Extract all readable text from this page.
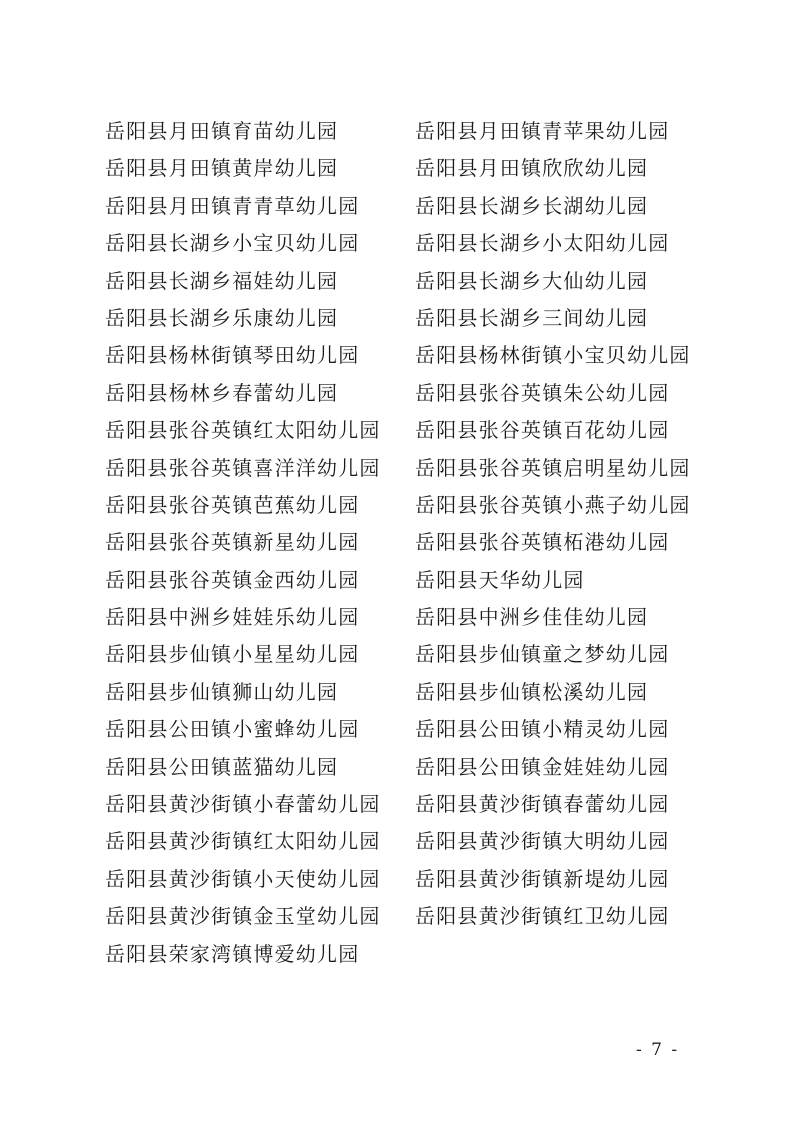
岳阳县月田镇育苗幼儿园
岳阳县月田镇黄岸幼儿园
岳阳县月田镇青青草幼儿园
岳阳县长湖乡小宝贝幼儿园
岳阳县长湖乡福娃幼儿园
岳阳县长湖乡乐康幼儿园
岳阳县杨林街镇琴田幼儿园
岳阳县杨林乡春蕾幼儿园
岳阳县张谷英镇红太阳幼儿园
岳阳县张谷英镇喜洋洋幼儿园
岳阳县张谷英镇芭蕉幼儿园
岳阳县张谷英镇新星幼儿园
岳阳县张谷英镇金西幼儿园
岳阳县中洲乡娃娃乐幼儿园
岳阳县步仙镇小星星幼儿园
岳阳县步仙镇狮山幼儿园
岳阳县公田镇小蜜蜂幼儿园
岳阳县公田镇蓝猫幼儿园
岳阳县黄沙街镇小春蕾幼儿园
岳阳县黄沙街镇红太阳幼儿园
岳阳县黄沙街镇小天使幼儿园
岳阳县黄沙街镇金玉堂幼儿园
岳阳县荣家湾镇博爱幼儿园
岳阳县月田镇青苹果幼儿园
岳阳县月田镇欣欣幼儿园
岳阳县长湖乡长湖幼儿园
岳阳县长湖乡小太阳幼儿园
岳阳县长湖乡大仙幼儿园
岳阳县长湖乡三间幼儿园
岳阳县杨林街镇小宝贝幼儿园
岳阳县张谷英镇朱公幼儿园
岳阳县张谷英镇百花幼儿园
岳阳县张谷英镇启明星幼儿园
岳阳县张谷英镇小燕子幼儿园
岳阳县张谷英镇柘港幼儿园
岳阳县天华幼儿园
岳阳县中洲乡佳佳幼儿园
岳阳县步仙镇童之梦幼儿园
岳阳县步仙镇松溪幼儿园
岳阳县公田镇小精灵幼儿园
岳阳县公田镇金娃娃幼儿园
岳阳县黄沙街镇春蕾幼儿园
岳阳县黄沙街镇大明幼儿园
岳阳县黄沙街镇新堤幼儿园
岳阳县黄沙街镇红卫幼儿园
- 7 -
